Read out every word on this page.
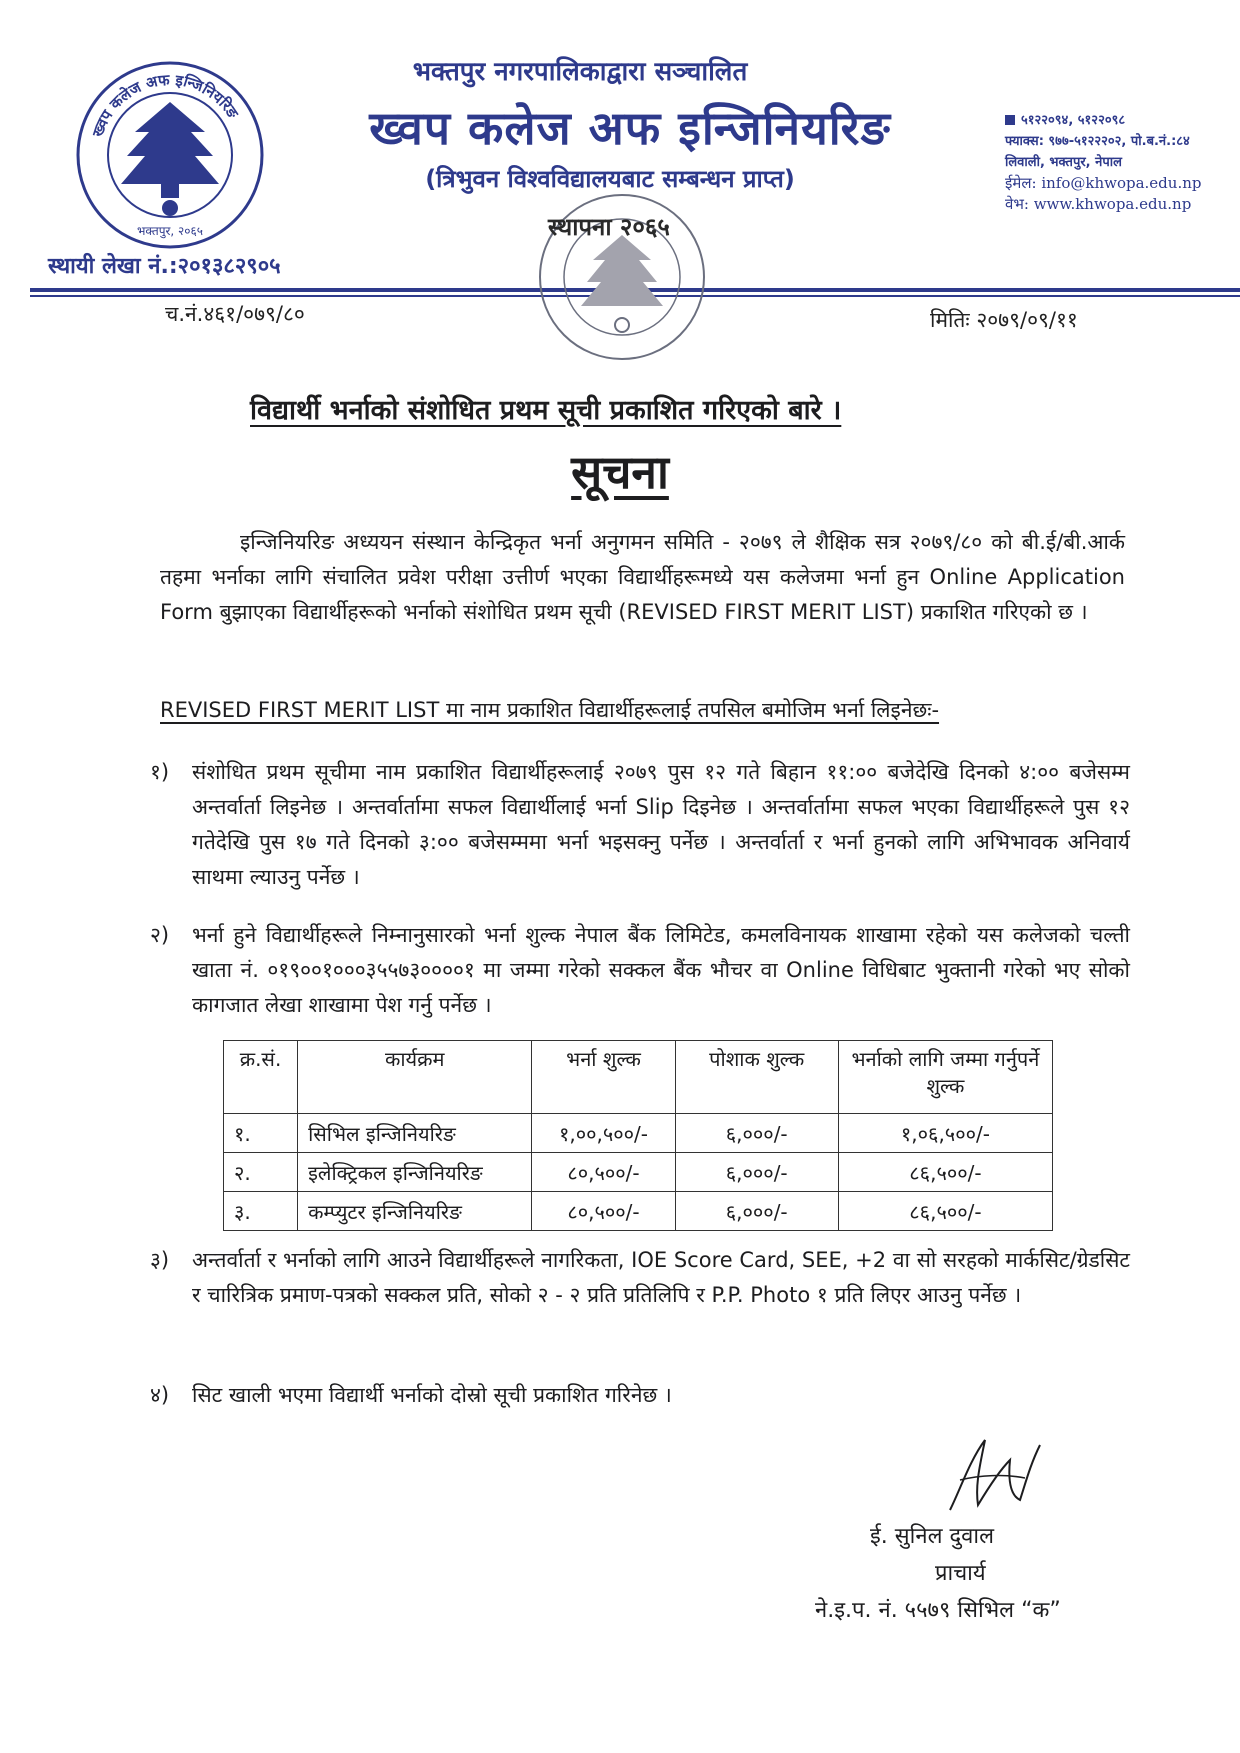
ख्वप कलेज अफ इन्जिनियरिङ
भक्तपुर, २०६५
भक्तपुर नगरपालिकाद्वारा सञ्चालित
ख्वप कलेज अफ इन्जिनियरिङ
(त्रिभुवन विश्वविद्यालयबाट सम्बन्धन प्राप्त)
५१२२०९४, ५१२२०९८
फ्याक्स: ९७७-५१२२२०२, पो.ब.नं.:८४
लिवाली, भक्तपुर, नेपाल
ईमेल: info@khwopa.edu.np
वेभ: www.khwopa.edu.np
स्थायी लेखा नं.:२०१३८२९०५
स्थापना २०६५
च.नं.४६१/०७९/८०	मितिः २०७९/०९/११
विद्यार्थी भर्नाको संशोधित प्रथम सूची प्रकाशित गरिएको बारे ।
सूचना
इन्जिनियरिङ अध्ययन संस्थान केन्द्रिकृत भर्ना अनुगमन समिति - २०७९ ले शैक्षिक सत्र २०७९/८० को बी.ई/बी.आर्क तहमा भर्नाका लागि संचालित प्रवेश परीक्षा उत्तीर्ण भएका विद्यार्थीहरूमध्ये यस कलेजमा भर्ना हुन Online Application Form बुझाएका विद्यार्थीहरूको भर्नाको संशोधित प्रथम सूची (REVISED FIRST MERIT LIST) प्रकाशित गरिएको छ ।
REVISED FIRST MERIT LIST मा नाम प्रकाशित विद्यार्थीहरूलाई तपसिल बमोजिम भर्ना लिइनेछः-
१) संशोधित प्रथम सूचीमा नाम प्रकाशित विद्यार्थीहरूलाई २०७९ पुस १२ गते बिहान ११:०० बजेदेखि दिनको ४:०० बजेसम्म अन्तर्वार्ता लिइनेछ । अन्तर्वार्तामा सफल विद्यार्थीलाई भर्ना Slip दिइनेछ । अन्तर्वार्तामा सफल भएका विद्यार्थीहरूले पुस १२ गतेदेखि पुस १७ गते दिनको ३:०० बजेसम्ममा भर्ना भइसक्नु पर्नेछ । अन्तर्वार्ता र भर्ना हुनको लागि अभिभावक अनिवार्य साथमा ल्याउनु पर्नेछ ।
२) भर्ना हुने विद्यार्थीहरूले निम्नानुसारको भर्ना शुल्क नेपाल बैंक लिमिटेड, कमलविनायक शाखामा रहेको यस कलेजको चल्ती खाता नं. ०१९००१०००३५५७३००००१ मा जम्मा गरेको सक्कल बैंक भौचर वा Online विधिबाट भुक्तानी गरेको भए सोको कागजात लेखा शाखामा पेश गर्नु पर्नेछ ।
क्र.सं.	कार्यक्रम	भर्ना शुल्क	पोशाक शुल्क	भर्नाको लागि जम्मा गर्नुपर्ने शुल्क
१.	सिभिल इन्जिनियरिङ	१,००,५००/-	६,०००/-	१,०६,५००/-
२.	इलेक्ट्रिकल इन्जिनियरिङ	८०,५००/-	६,०००/-	८६,५००/-
३.	कम्प्युटर इन्जिनियरिङ	८०,५००/-	६,०००/-	८६,५००/-
३) अन्तर्वार्ता र भर्नाको लागि आउने विद्यार्थीहरूले नागरिकता, IOE Score Card, SEE, +2 वा सो सरहको मार्कसिट/ग्रेडसिट र चारित्रिक प्रमाण-पत्रको सक्कल प्रति, सोको २ - २ प्रति प्रतिलिपि र P.P. Photo १ प्रति लिएर आउनु पर्नेछ ।
४) सिट खाली भएमा विद्यार्थी भर्नाको दोस्रो सूची प्रकाशित गरिनेछ ।
ई. सुनिल दुवाल
प्राचार्य
ने.इ.प. नं. ५५७९ सिभिल “क”
